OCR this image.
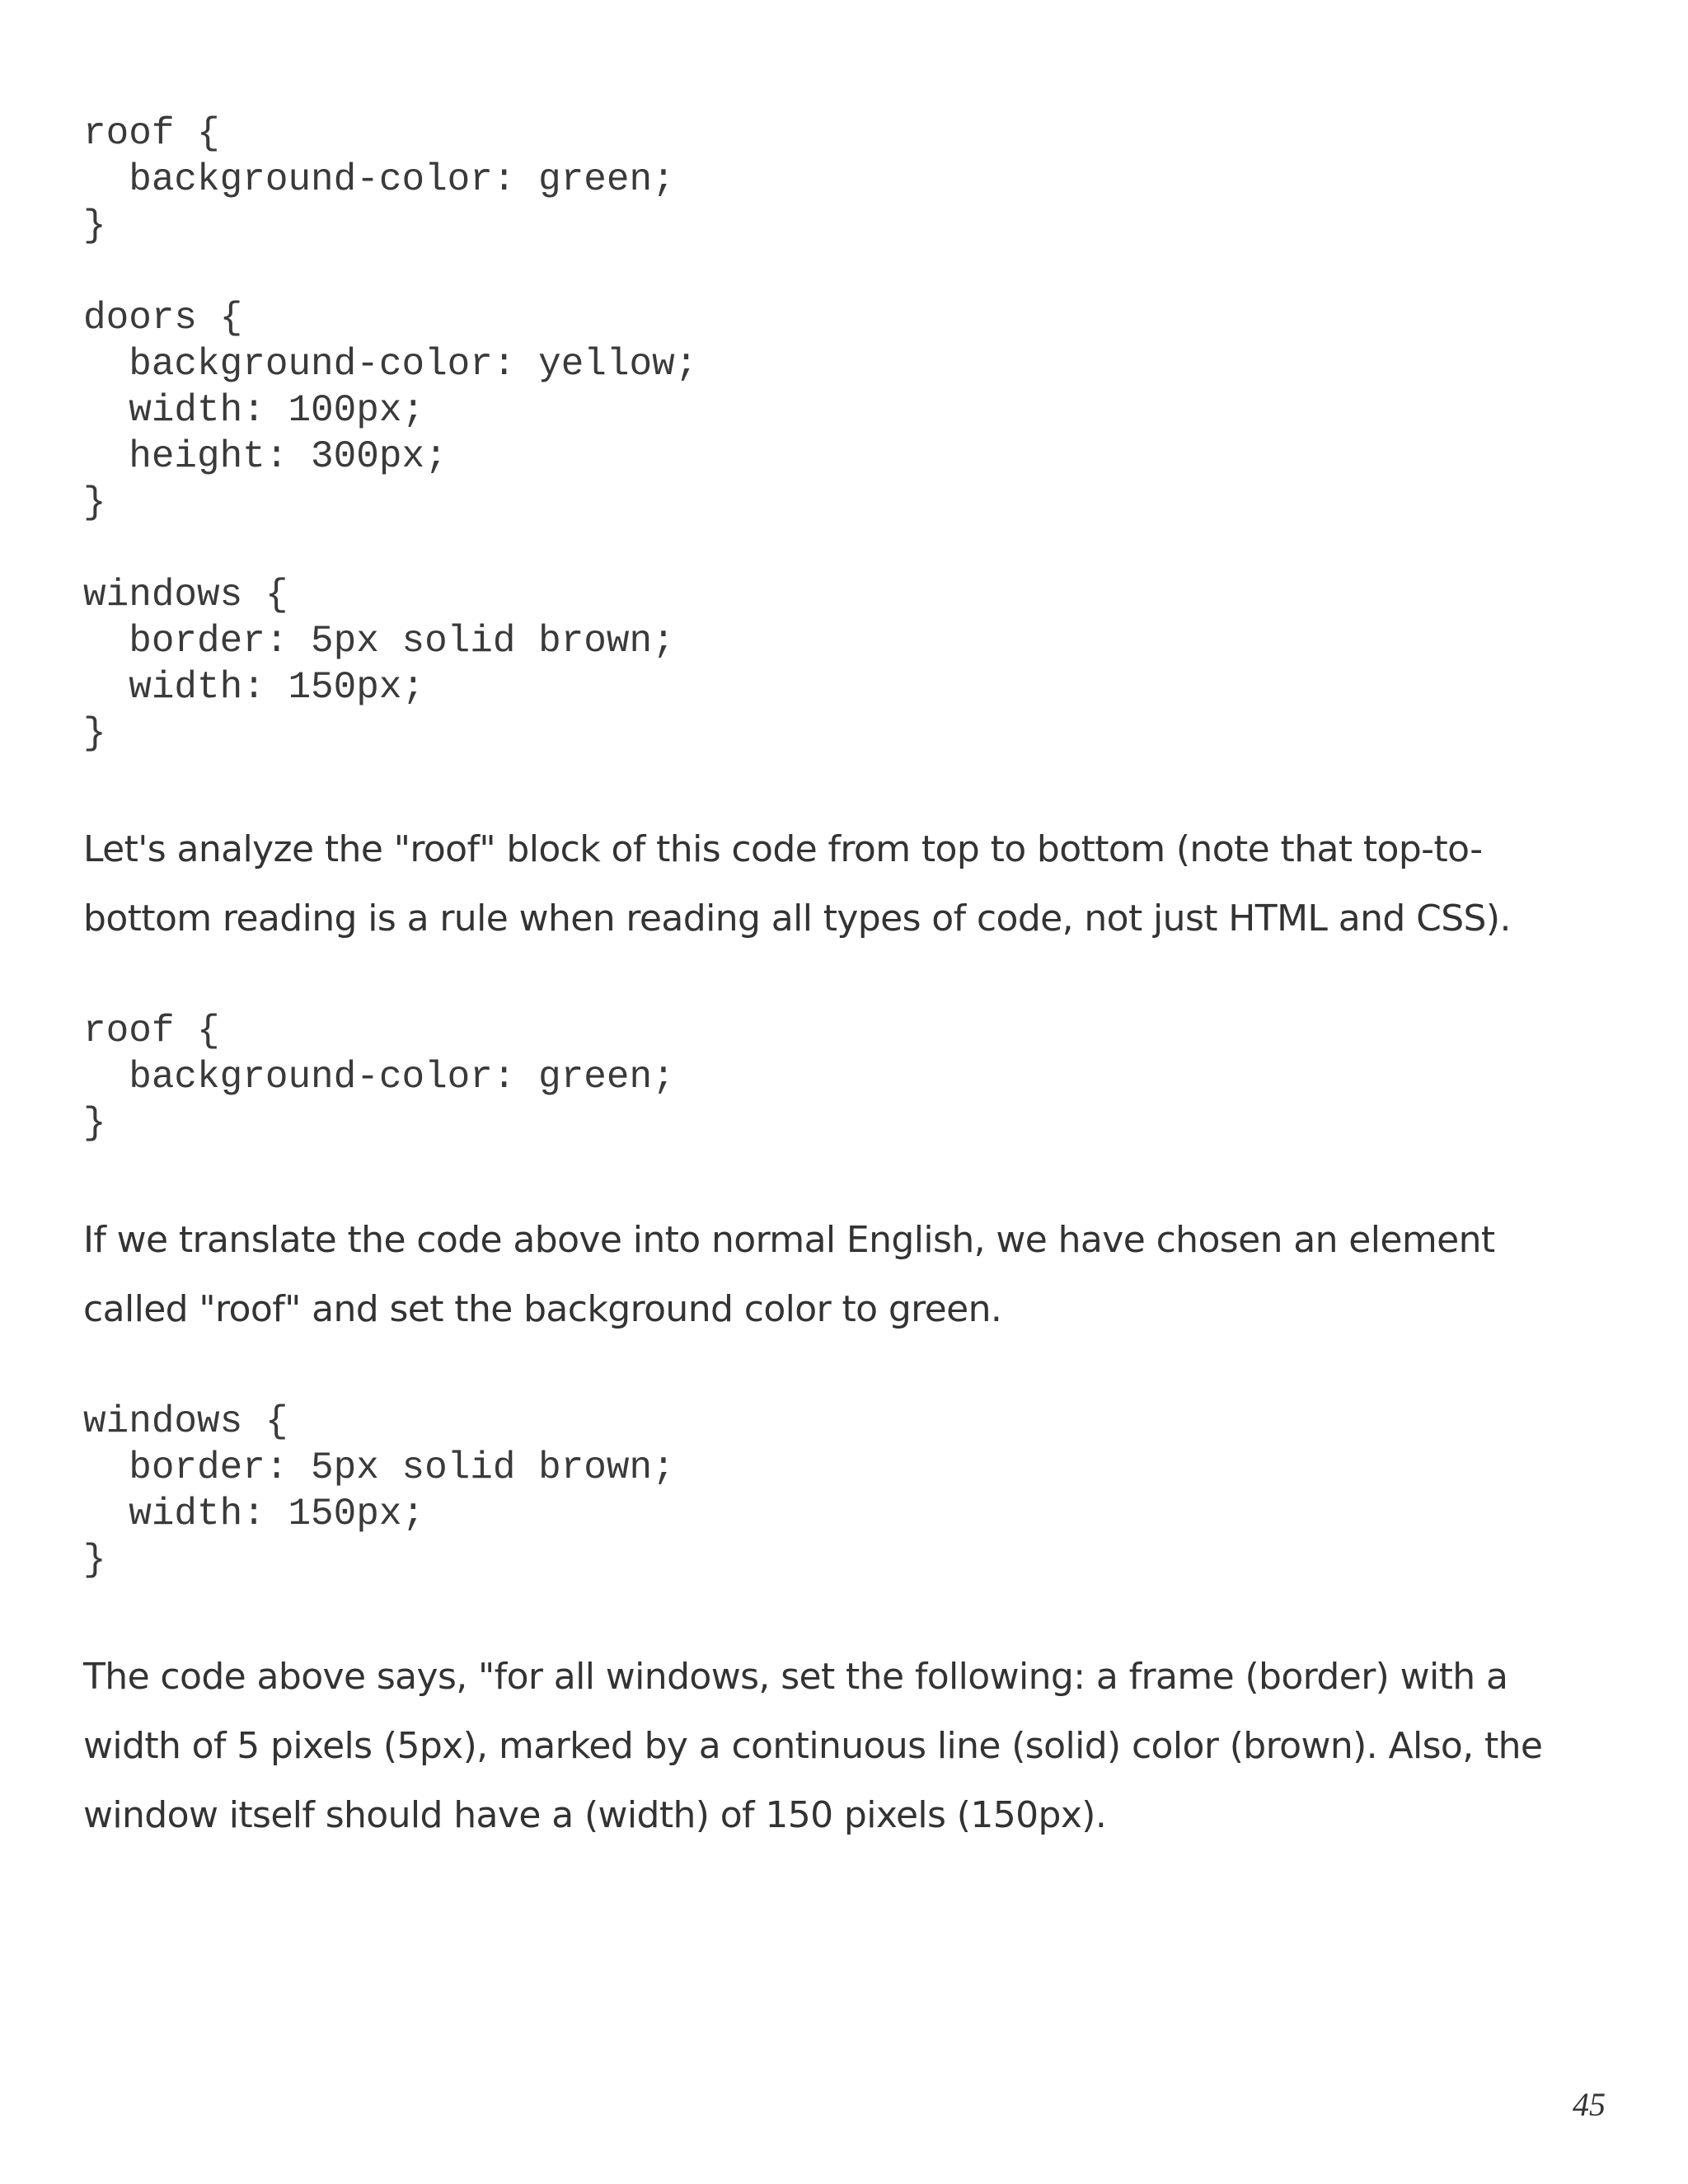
roof {
background-color: green;
}
doors {
background-color: yellow;
width: 100px;
height: 300px;
}
windows {
border: 5px solid brown;
width: 150px;
}

Let's analyze the "roof" block of this code from top to bottom (note that top-to-
bottom reading is a rule when reading all types of code, not just HTML and CSS).

roof {
background-color: green;
}

If we translate the code above into normal English, we have chosen an element
called "roof" and set the background color to green.

windows {
border: 5px solid brown;
width: 150px;
}

The code above says, "for all windows, set the following: a frame (border) with a
width of 5 pixels (5px), marked by a continuous line (solid) color (brown). Also, the
window itself should have a (width) of 150 pixels (150px).

45
